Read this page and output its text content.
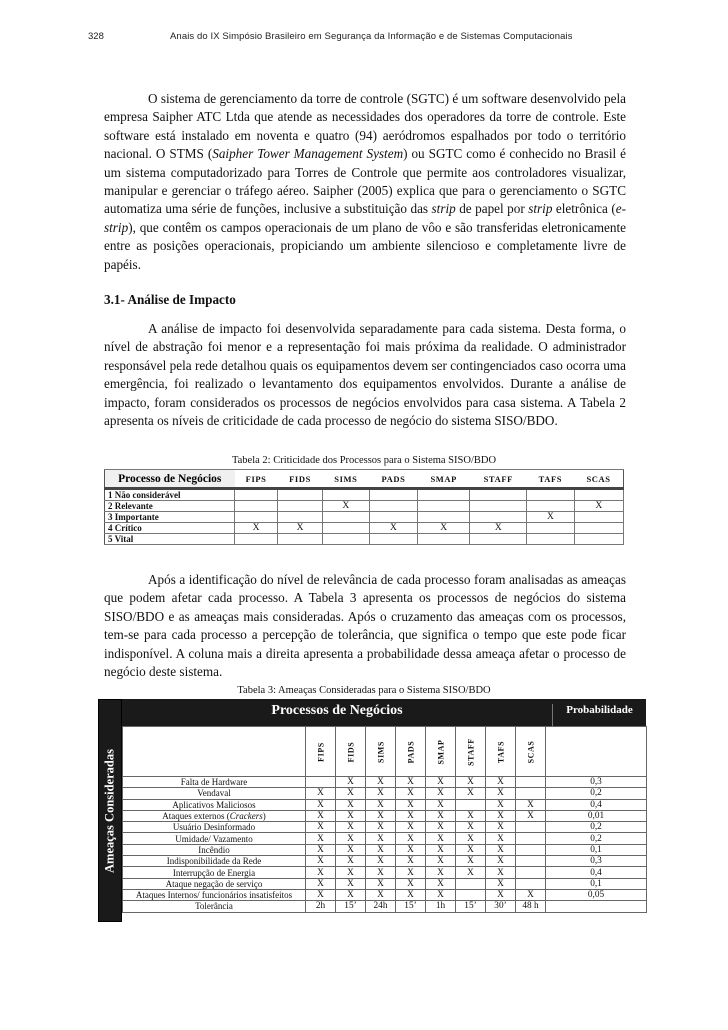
328	Anais do IX Simpósio Brasileiro em Segurança da Informação e de Sistemas Computacionais

O sistema de gerenciamento da torre de controle (SGTC) é um software desenvolvido pela empresa Saipher ATC Ltda que atende as necessidades dos operadores da torre de controle. Este software está instalado em noventa e quatro (94) aeródromos espalhados por todo o território nacional. O STMS (Saipher Tower Management System) ou SGTC como é conhecido no Brasil é um sistema computadorizado para Torres de Controle que permite aos controladores visualizar, manipular e gerenciar o tráfego aéreo. Saipher (2005) explica que para o gerenciamento o SGTC automatiza uma série de funções, inclusive a substituição das strip de papel por strip eletrônica (e-strip), que contêm os campos operacionais de um plano de vôo e são transferidas eletronicamente entre as posições operacionais, propiciando um ambiente silencioso e completamente livre de papéis.

3.1- Análise de Impacto

A análise de impacto foi desenvolvida separadamente para cada sistema. Desta forma, o nível de abstração foi menor e a representação foi mais próxima da realidade. O administrador responsável pela rede detalhou quais os equipamentos devem ser contingenciados caso ocorra uma emergência, foi realizado o levantamento dos equipamentos envolvidos. Durante a análise de impacto, foram considerados os processos de negócios envolvidos para casa sistema. A Tabela 2 apresenta os níveis de criticidade de cada processo de negócio do sistema SISO/BDO.

Tabela 2: Criticidade dos Processos para o Sistema SISO/BDO
Processo de Negócios	FIPS	FIDS	SIMS	PADS	SMAP	STAFF	TAFS	SCAS
1 Não considerável								
2 Relevante			X					X
3 Importante							X	
4 Crítico	X	X		X	X	X		
5 Vital								

Após a identificação do nível de relevância de cada processo foram analisadas as ameaças que podem afetar cada processo. A Tabela 3 apresenta os processos de negócios do sistema SISO/BDO e as ameaças mais consideradas. Após o cruzamento das ameaças com os processos, tem-se para cada processo a percepção de tolerância, que significa o tempo que este pode ficar indisponível. A coluna mais a direita apresenta a probabilidade dessa ameaça afetar o processo de negócio deste sistema.

Tabela 3: Ameaças Consideradas para o Sistema SISO/BDO
Ameaças Consideradas
Processos de Negócios	Probabilidade

	FIPS	FIDS	SIMS	PADS	SMAP	STAFF	TAFS	SCAS	

Falta de Hardware		X	X	X	X	X	X		0,3
Vendaval	X	X	X	X	X	X	X		0,2
Aplicativos Maliciosos	X	X	X	X	X		X	X	0,4
Ataques externos (Crackers)	X	X	X	X	X	X	X	X	0,01
Usuário Desinformado	X	X	X	X	X	X	X		0,2
Umidade/ Vazamento	X	X	X	X	X	X	X		0,2
Incêndio	X	X	X	X	X	X	X		0,1
Indisponibilidade da Rede	X	X	X	X	X	X	X		0,3
Interrupção de Energia	X	X	X	X	X	X	X		0,4
Ataque negação de serviço	X	X	X	X	X		X		0,1
Ataques Internos/ funcionários insatisfeitos	X	X	X	X	X		X	X	0,05
Tolerância	2h	15’	24h	15’	1h	15’	30’	48 h	
